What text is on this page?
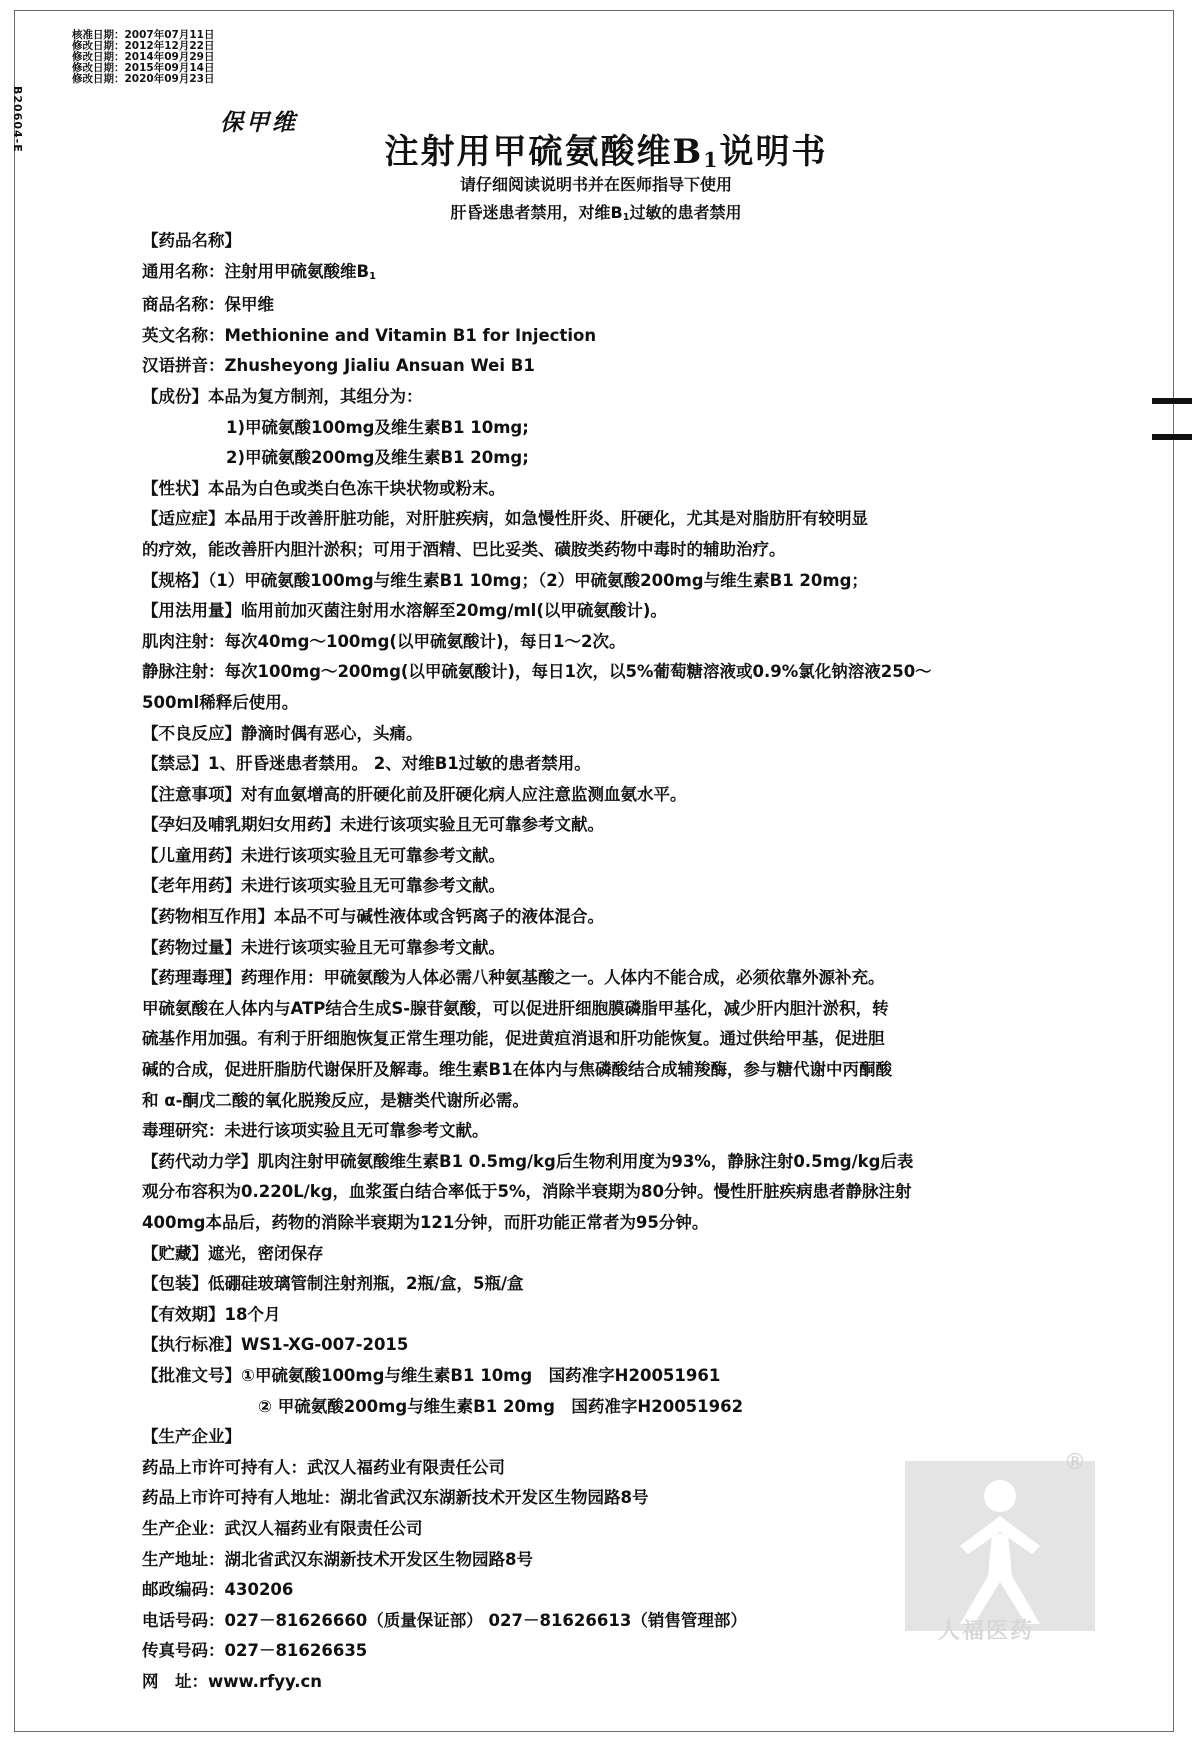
B20604-E
核准日期：2007年07月11日
修改日期：2012年12月22日
修改日期：2014年09月29日
修改日期：2015年09月14日
修改日期：2020年09月23日
保甲维
注射用甲硫氨酸维$B_1$说明书
请仔细阅读说明书并在医师指导下使用
肝昏迷患者禁用，对维$B_1$过敏的患者禁用
【药品名称】
通用名称：注射用甲硫氨酸维$B_1$
商品名称：保甲维
英文名称：Methionine and Vitamin B1 for Injection
汉语拼音：Zhusheyong Jialiu Ansuan Wei B1
【成份】本品为复方制剂，其组分为：
1)甲硫氨酸100mg及维生素B1 10mg;
2)甲硫氨酸200mg及维生素B1 20mg;
【性状】本品为白色或类白色冻干块状物或粉末。
【适应症】本品用于改善肝脏功能，对肝脏疾病，如急慢性肝炎、肝硬化，尤其是对脂肪肝有较明显
的疗效，能改善肝内胆汁淤积；可用于酒精、巴比妥类、磺胺类药物中毒时的辅助治疗。
【规格】（1）甲硫氨酸100mg与维生素B1 10mg；（2）甲硫氨酸200mg与维生素B1 20mg；
【用法用量】临用前加灭菌注射用水溶解至20mg/ml(以甲硫氨酸计)。
肌肉注射：每次40mg～100mg(以甲硫氨酸计)，每日1～2次。
静脉注射：每次100mg～200mg(以甲硫氨酸计)，每日1次，以5%葡萄糖溶液或0.9%氯化钠溶液250～
500ml稀释后使用。
【不良反应】静滴时偶有恶心，头痛。
【禁忌】1、肝昏迷患者禁用。 2、对维B1过敏的患者禁用。
【注意事项】对有血氨增高的肝硬化前及肝硬化病人应注意监测血氨水平。
【孕妇及哺乳期妇女用药】未进行该项实验且无可靠参考文献。
【儿童用药】未进行该项实验且无可靠参考文献。
【老年用药】未进行该项实验且无可靠参考文献。
【药物相互作用】本品不可与碱性液体或含钙离子的液体混合。
【药物过量】未进行该项实验且无可靠参考文献。
【药理毒理】药理作用：甲硫氨酸为人体必需八种氨基酸之一。人体内不能合成，必须依靠外源补充。
甲硫氨酸在人体内与ATP结合生成S-腺苷氨酸，可以促进肝细胞膜磷脂甲基化，减少肝内胆汁淤积，转
硫基作用加强。有利于肝细胞恢复正常生理功能，促进黄疸消退和肝功能恢复。通过供给甲基，促进胆
碱的合成，促进肝脂肪代谢保肝及解毒。维生素B1在体内与焦磷酸结合成辅羧酶，参与糖代谢中丙酮酸
和 α-酮戊二酸的氧化脱羧反应，是糖类代谢所必需。
毒理研究：未进行该项实验且无可靠参考文献。
【药代动力学】肌肉注射甲硫氨酸维生素B1 0.5mg/kg后生物利用度为93%，静脉注射0.5mg/kg后表
观分布容积为0.220L/kg，血浆蛋白结合率低于5%，消除半衰期为80分钟。慢性肝脏疾病患者静脉注射
400mg本品后，药物的消除半衰期为121分钟，而肝功能正常者为95分钟。
【贮藏】遮光，密闭保存
【包装】低硼硅玻璃管制注射剂瓶，2瓶/盒，5瓶/盒
【有效期】18个月
【执行标准】WS1-XG-007-2015
【批准文号】①甲硫氨酸100mg与维生素B1 10mg　国药准字H20051961
② 甲硫氨酸200mg与维生素B1 20mg　国药准字H20051962
【生产企业】
药品上市许可持有人：武汉人福药业有限责任公司
药品上市许可持有人地址：湖北省武汉东湖新技术开发区生物园路8号
生产企业：武汉人福药业有限责任公司
生产地址：湖北省武汉东湖新技术开发区生物园路8号
邮政编码：430206
电话号码：027－81626660（质量保证部） 027－81626613（销售管理部）
传真号码：027－81626635
网　址：www.rfyy.cn
®
人福医药
